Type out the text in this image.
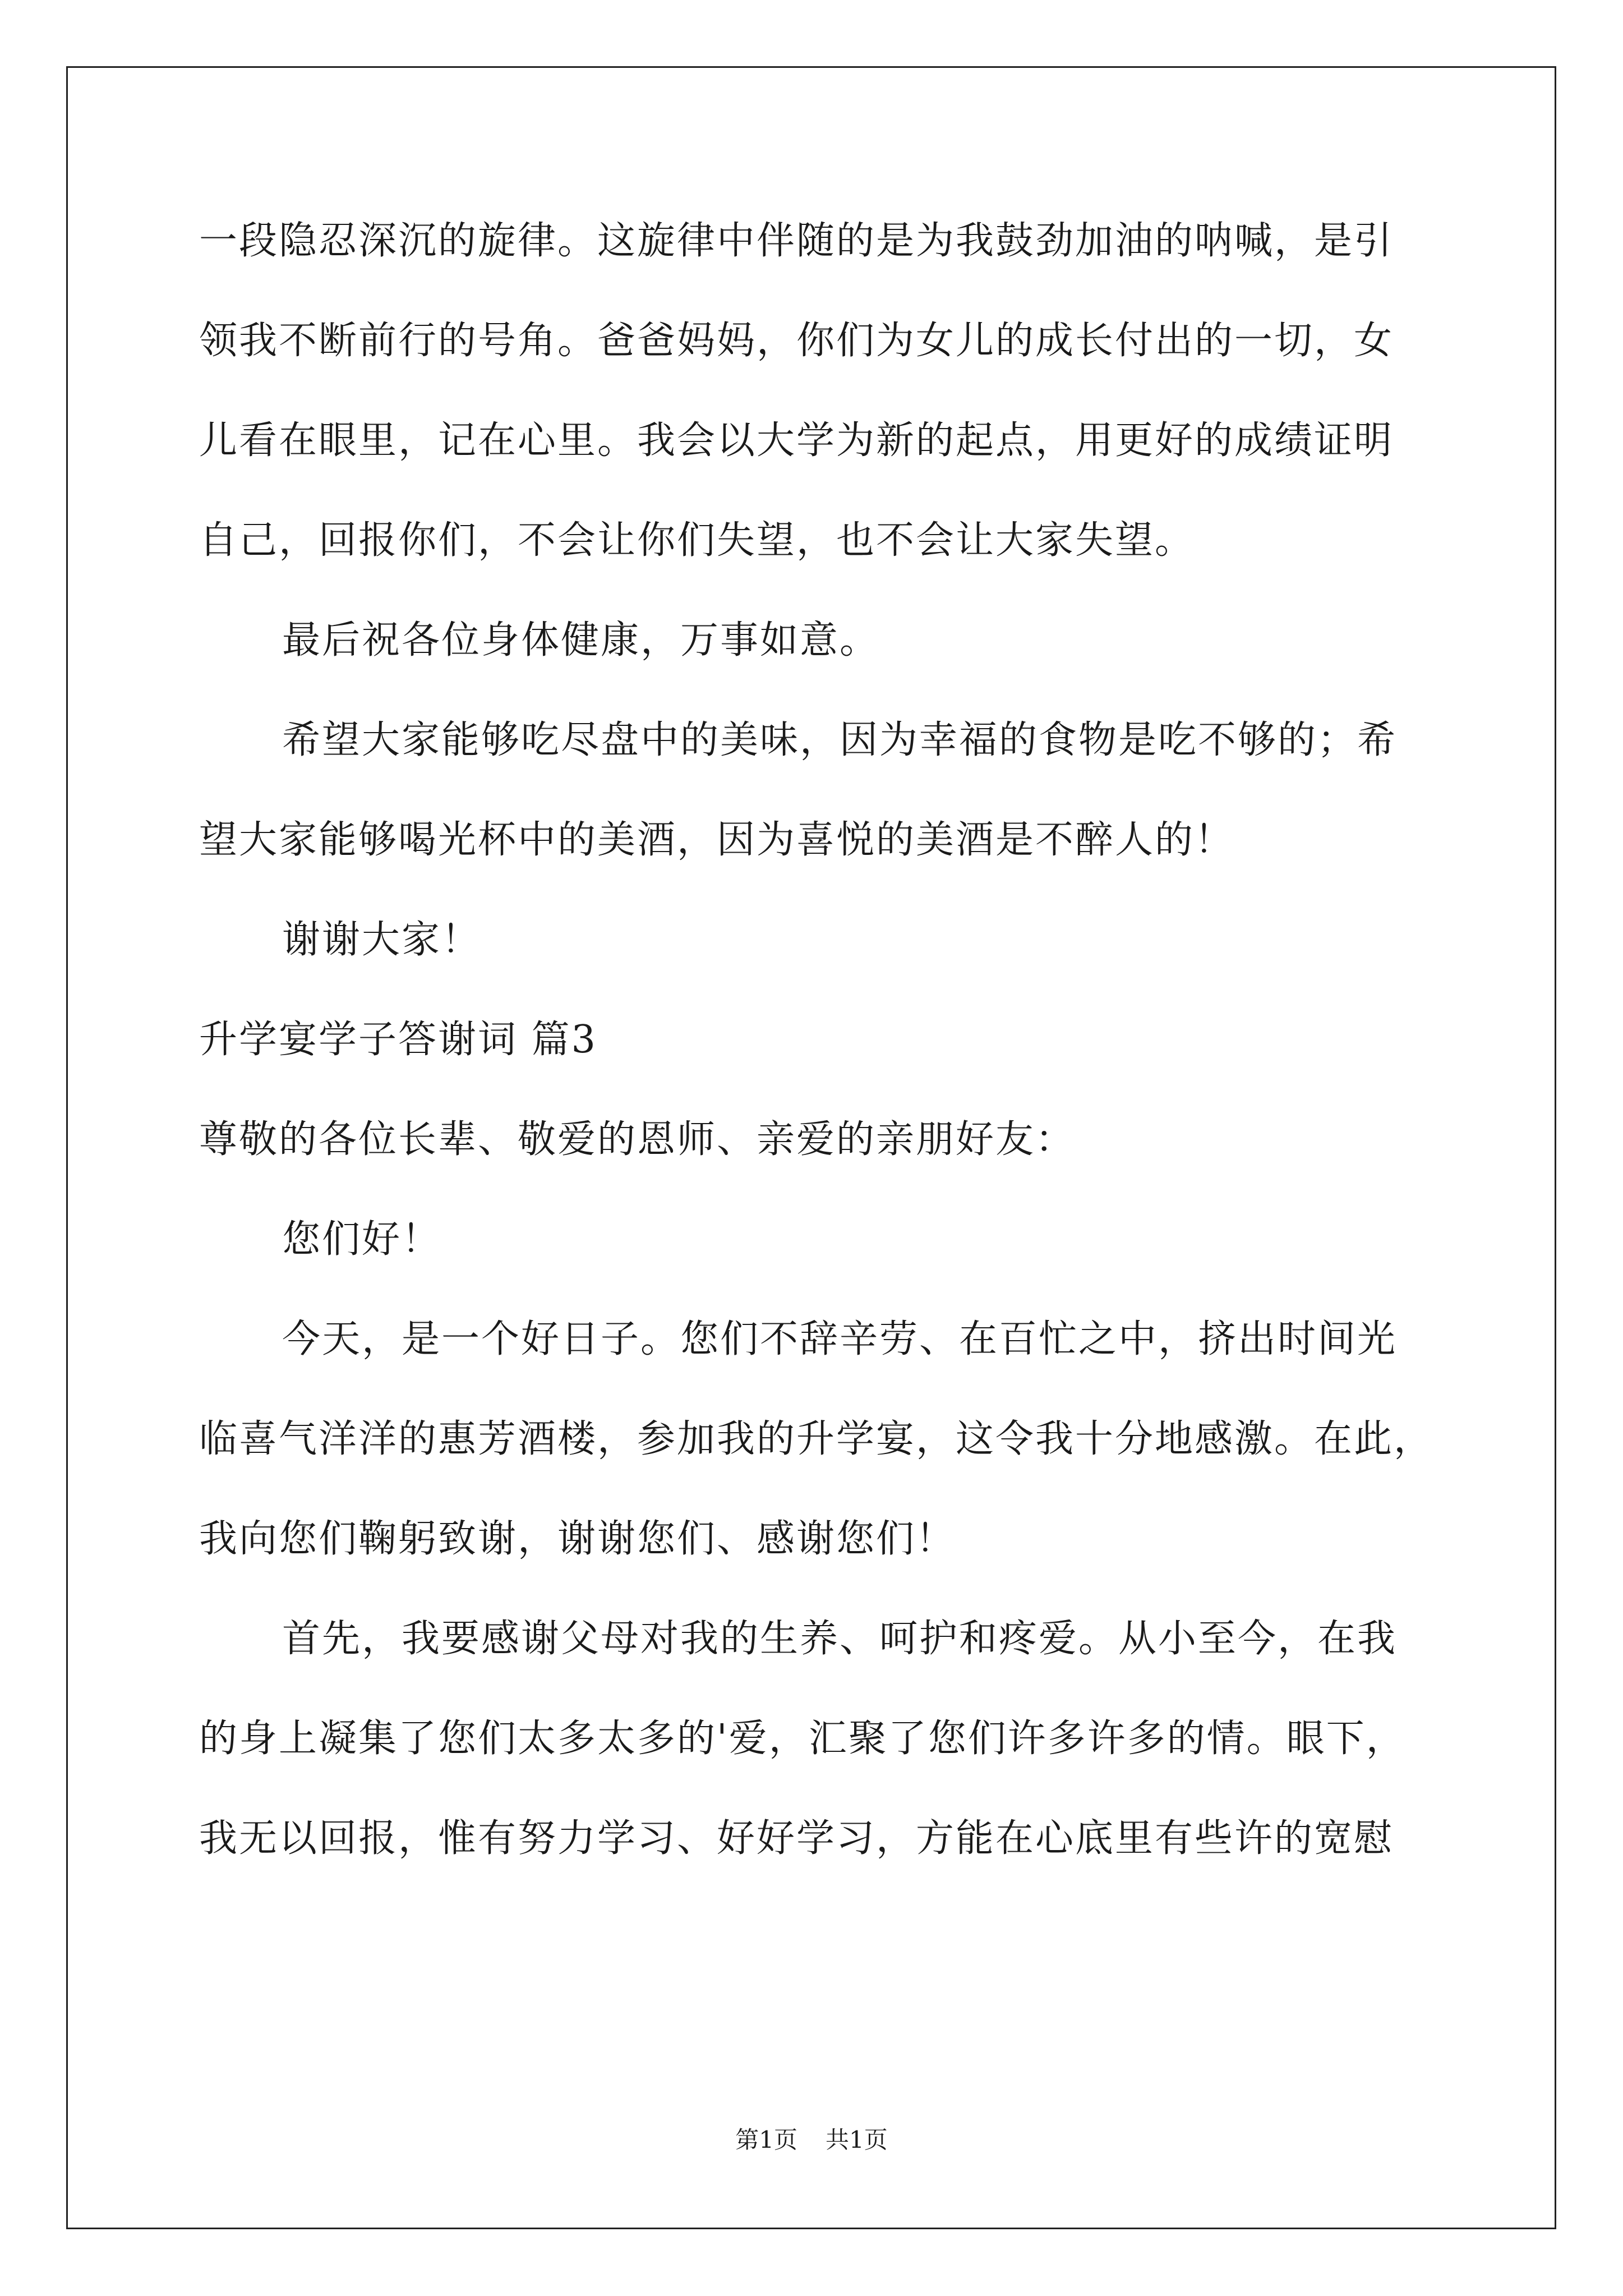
一段隐忍深沉的旋律。这旋律中伴随的是为我鼓劲加油的呐喊，是引
领我不断前行的号角。爸爸妈妈，你们为女儿的成长付出的一切，女
儿看在眼里，记在心里。我会以大学为新的起点，用更好的成绩证明
自己，回报你们，不会让你们失望，也不会让大家失望。
最后祝各位身体健康，万事如意。
希望大家能够吃尽盘中的美味，因为幸福的食物是吃不够的；希
望大家能够喝光杯中的美酒，因为喜悦的美酒是不醉人的！
谢谢大家！
升学宴学子答谢词 篇3
尊敬的各位长辈、敬爱的恩师、亲爱的亲朋好友：
您们好！
今天，是一个好日子。您们不辞辛劳、在百忙之中，挤出时间光
临喜气洋洋的惠芳酒楼，参加我的升学宴，这令我十分地感激。在此，
我向您们鞠躬致谢，谢谢您们、感谢您们！
首先，我要感谢父母对我的生养、呵护和疼爱。从小至今，在我
的身上凝集了您们太多太多的'爱，汇聚了您们许多许多的情。眼下，
我无以回报，惟有努力学习、好好学习，方能在心底里有些许的宽慰
第1页 共1页
